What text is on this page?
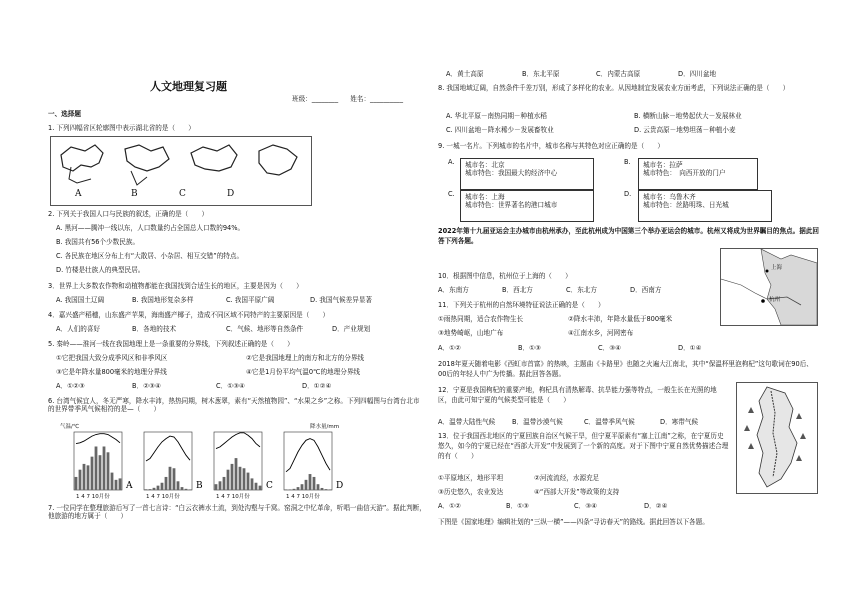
人文地理复习题
班级：________ 姓名：__________
一、选择题
1. 下列四幅省区轮廓图中表示湖北省的是（　　）
A	B	C	D
2. 下列关于我国人口与民族的叙述，正确的是（　　）
A. 黑河——腾冲一线以东，人口数量约占全国总人口数的94%。
B. 我国共有56个少数民族。
C. 各民族在地区分布上有“大散居、小杂居、相互交错”的特点。
D. 竹楼是壮族人的典型民居。
3．世界上大多数农作物和动植物都能在我国找到合适生长的地区，主要是因为（　　）
A. 我国国土辽阔	B. 我国地形复杂多样	C. 我国平原广阔	D. 我国气候差异显著
4．嘉兴盛产稻穗，山东盛产苹果，海南盛产椰子，造成不同区域不同特产的主要原因是（　　）
A．人们的喜好	B．各地的技术	C．气候、地形等自然条件	D．产业规划
5. 秦岭——淮河一线在我国地理上是一条重要的分界线，下列叙述正确的是（　　）
①它把我国大致分成季风区和非季风区	②它是我国地理上的南方和北方的分界线
③它是年降水量800毫米的地理分界线	④它是1月份平均气温0℃的地理分界线
A．①②③	B．②③④	C．①③④	D．①②④
6. 台湾气候宜人，冬无严寒，降水丰沛，热热同期，树木葱翠，素有“天然植物园”、“水果之乡”之称。下列四幅图与台湾台北市的世界带季风气候相符的是—（　　）
气温/℃	降水量/mm
A	B	C	D
1 4 7 10月份	1 4 7 10月份	1 4 7 10月份	1 4 7 10月份
7. 一位同学在整理旅游后写了一首七言诗：“白云衣裤水土流，到处沟壑与千窝。窑洞之中忆革命，听唱一曲信天游”。据此判断，他旅游的地方属于（　　）
A．黄土高原	B．东北平原	C．内蒙古高原	D．四川盆地
8. 我国地域辽阔，自然条件千差万别，形成了多样化的农业。从因地制宜发展农业方面考虑，下列说法正确的是（　　）
A. 华北平原－南热同期－种植水稻	B. 横断山脉－地势起伏大－发展林业
C. 四川盆地－降水稀少－发展畜牧业	D. 云贵高原－地势坦荡－种植小麦
9. 一城一名片。下列城市的名片中，城市名称与其特色对应正确的是（　　）
A. 城市名：北京
城市特色：我国最大的经济中心
B. 城市名：拉萨
城市特色：　向西开放的门户
C. 城市名：上海
城市特色：世界著名的港口城市
D. 城市名：乌鲁木齐
城市特色：丝路明珠、日光城
2022年第十九届亚运会主办城市由杭州承办，至此杭州成为中国第三个举办亚运会的城市。杭州又将成为世界瞩目的焦点。据此回答下列各题。
上海
杭州
10．根据图中信息，杭州位于上海的（　　）
A．东南方	B．西北方	C．东北方	D．西南方
11．下列关于杭州的自然环境特征说法正确的是（　　）
①雨热同期，适合农作物生长	②降水丰沛，年降水量低于800毫米
③地势崎岖，山地广布	④江南水乡，河网密布
A．①②	B．①③	C．③④	D．①④
2018年夏天随着电影《西虹市首富》的热映，主题曲《卡路里》也随之火遍大江南北，其中“保温杯里泡枸杞”这句歌词在90后、00后的年轻人中广为传播。据此回答各题。
12．宁夏是我国枸杞的重要产地，枸杞具有清热解毒、抗旱能力强等特点，一般生长在光照的地区，由此可知宁夏的气候类型可能是（　　）
A．温带大陆性气候	B．温带沙漠气候	C．温带季风气候	D．寒带气候
13．位于我国西北地区的宁夏回族自治区气候干旱，但宁夏平原素有“塞上江南”之称，在宁夏历史悠久，如今的宁夏已经在“西部大开发”中发展到了一个新的高度。对于下图中宁夏自然优势描述合理的有（　　）
①平原地区，地形平坦	②河流流经，水源充足
③历史悠久，农业发达	④“西部大开发”等政策的支持
A．①②	B．①③	C．③④	D．②④
下图是《国家地理》编辑社划的“三纵一横”——四条“寻访春天”的路线。据此回答以下各题。
